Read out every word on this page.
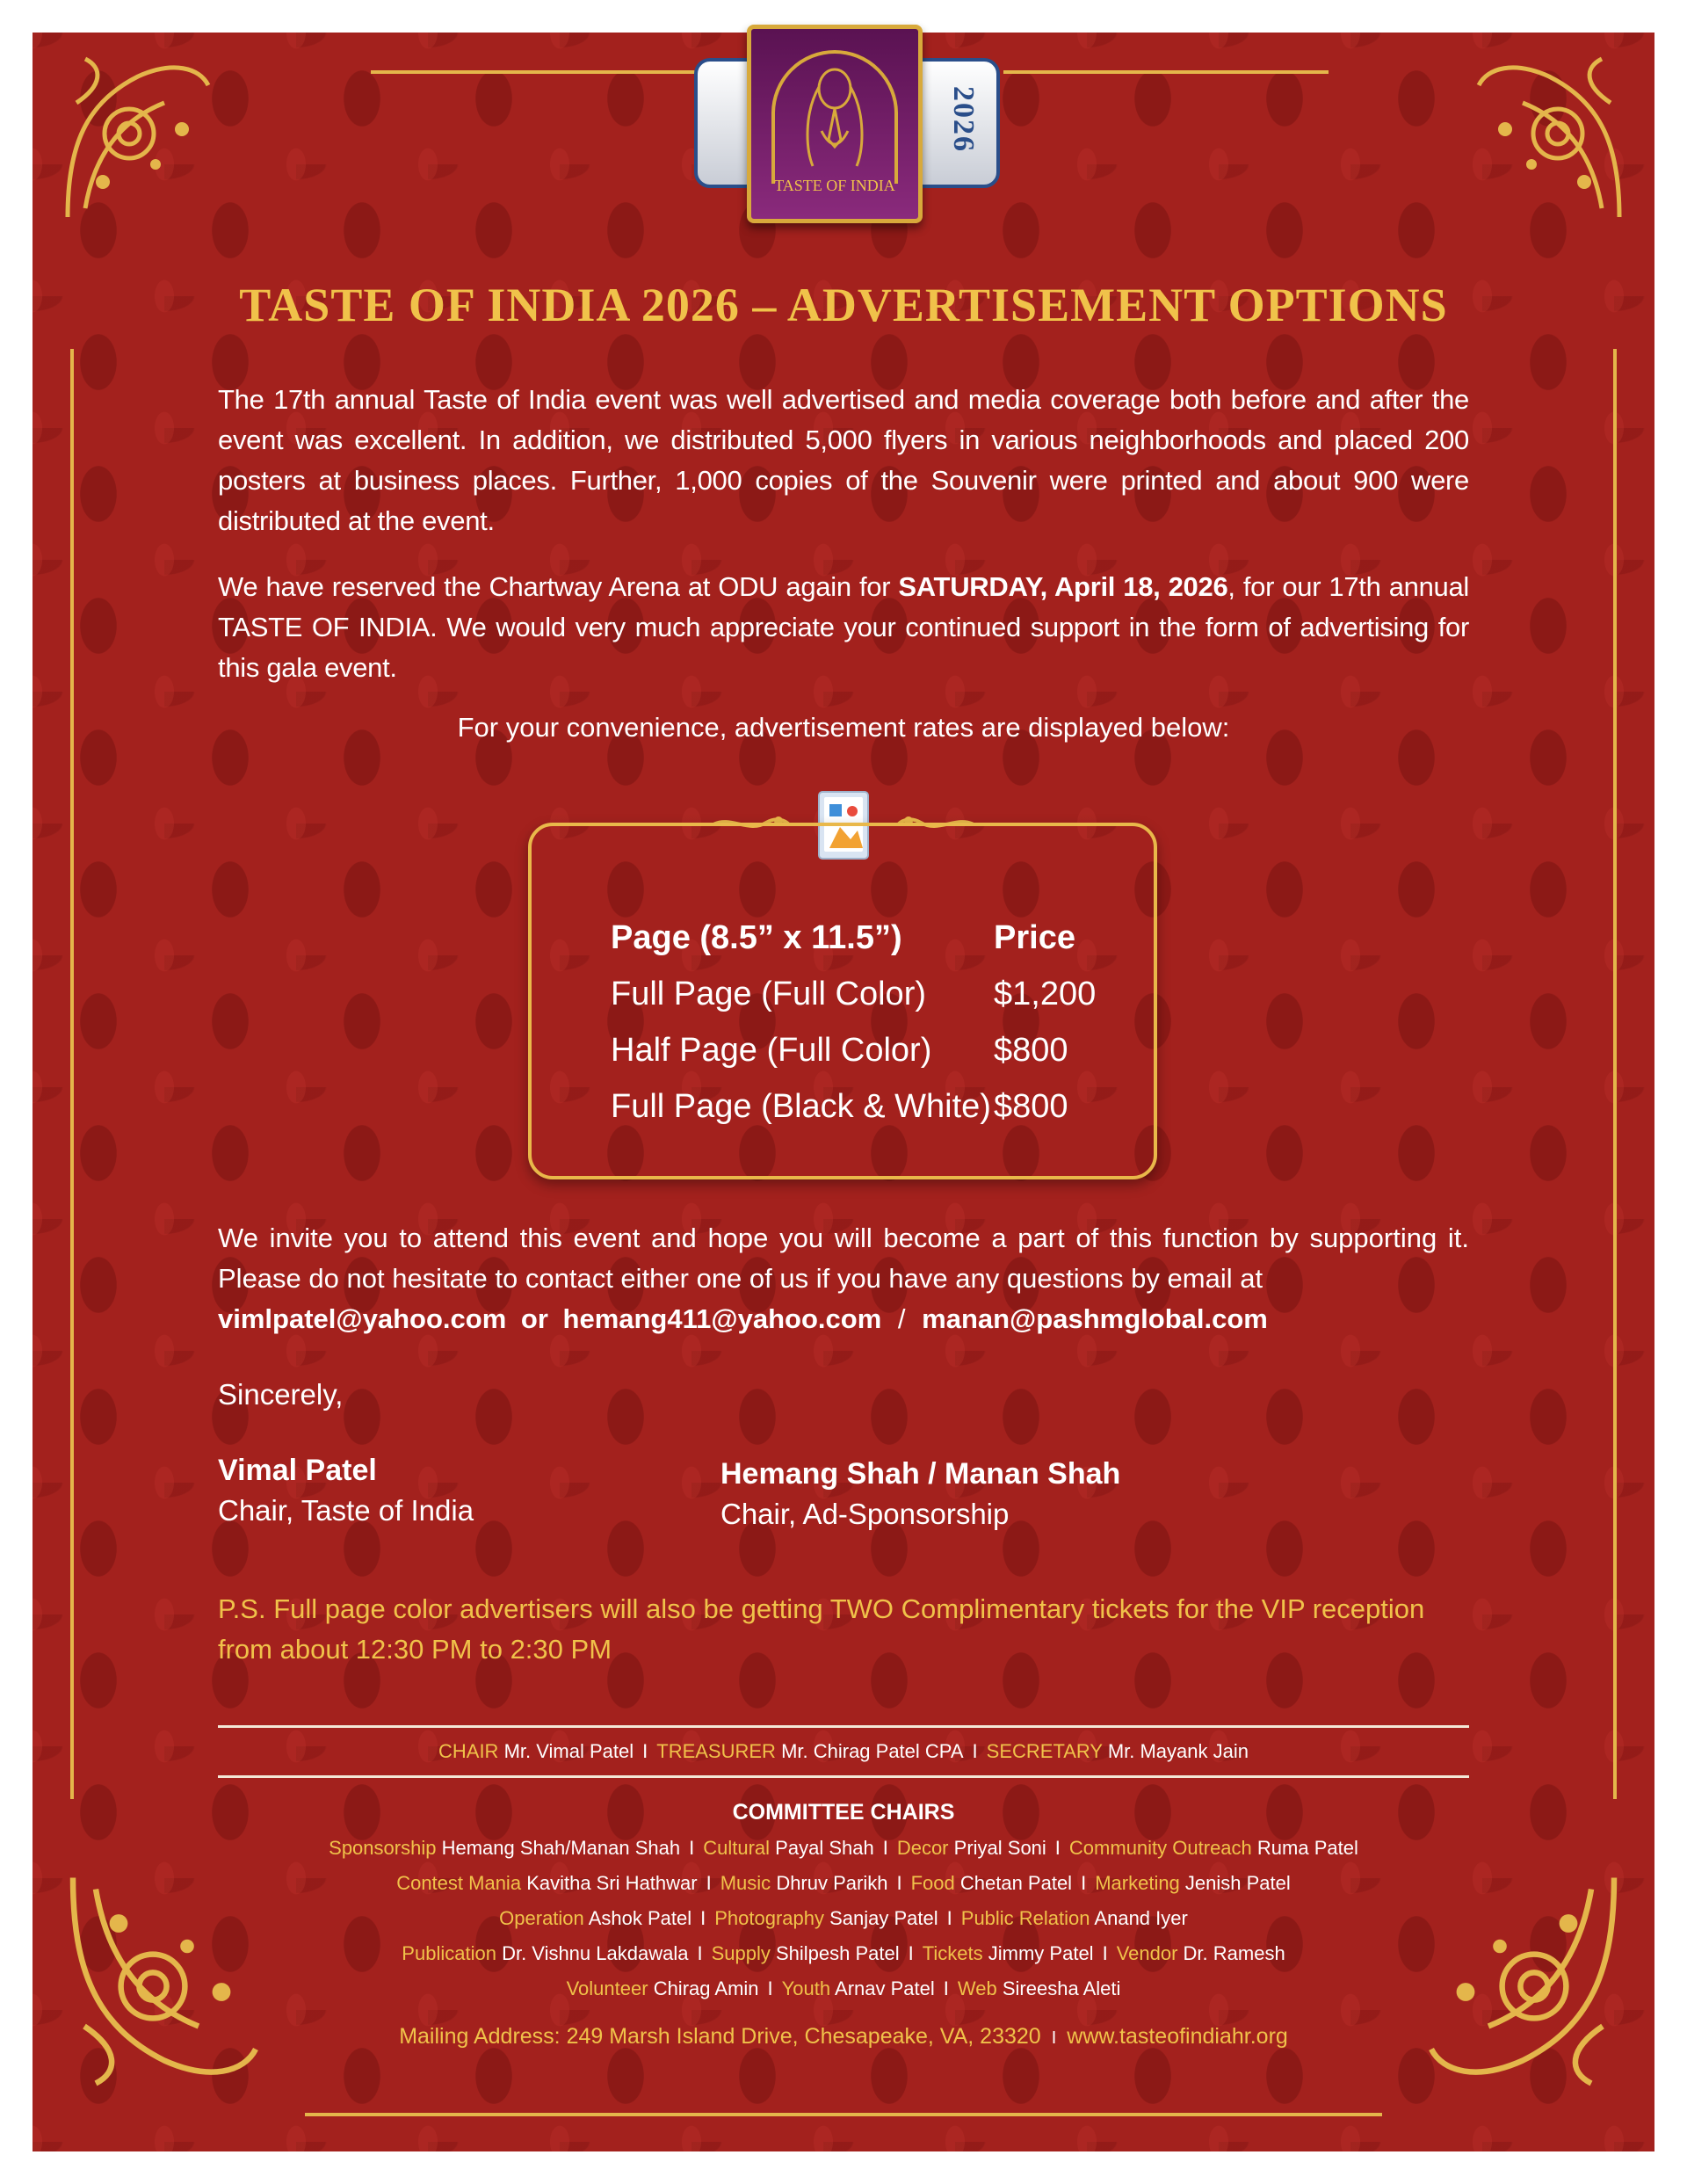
2026
TASTE OF INDIA
TASTE OF INDIA 2026 – ADVERTISEMENT OPTIONS
The 17th annual Taste of India event was well advertised and media coverage both before and after the event was excellent. In addition, we distributed 5,000 flyers in various neighborhoods and placed 200 posters at business places. Further, 1,000 copies of the Souvenir were printed and about 900 were distributed at the event.
We have reserved the Chartway Arena at ODU again for SATURDAY, April 18, 2026, for our 17th annual TASTE OF INDIA. We would very much appreciate your continued support in the form of advertising for this gala event.
For your convenience, advertisement rates are displayed below:
Page (8.5” x 11.5”)	Price
Full Page (Full Color) $1,200
Half Page (Full Color) $800
Full Page (Black & White) $800
We invite you to attend this event and hope you will become a part of this function by supporting it.
Please do not hesitate to contact either one of us if you have any questions by email at
vimlpatel@yahoo.com or hemang411@yahoo.com / manan@pashmglobal.com
Sincerely,
Vimal Patel
Chair, Taste of India
Hemang Shah / Manan Shah
Chair, Ad-Sponsorship
P.S. Full page color advertisers will also be getting TWO Complimentary tickets for the VIP reception from about 12:30 PM to 2:30 PM
CHAIR Mr. Vimal Patel I TREASURER Mr. Chirag Patel CPA I SECRETARY Mr. Mayank Jain
COMMITTEE CHAIRS
Sponsorship Hemang Shah/Manan Shah I Cultural Payal Shah I Decor Priyal Soni I Community Outreach Ruma Patel
Contest Mania Kavitha Sri Hathwar I Music Dhruv Parikh I Food Chetan Patel I Marketing Jenish Patel
Operation Ashok Patel I Photography Sanjay Patel I Public Relation Anand Iyer
Publication Dr. Vishnu Lakdawala I Supply Shilpesh Patel I Tickets Jimmy Patel I Vendor Dr. Ramesh
Volunteer Chirag Amin I Youth Arnav Patel I Web Sireesha Aleti
Mailing Address: 249 Marsh Island Drive, Chesapeake, VA, 23320 I www.tasteofindiahr.org
